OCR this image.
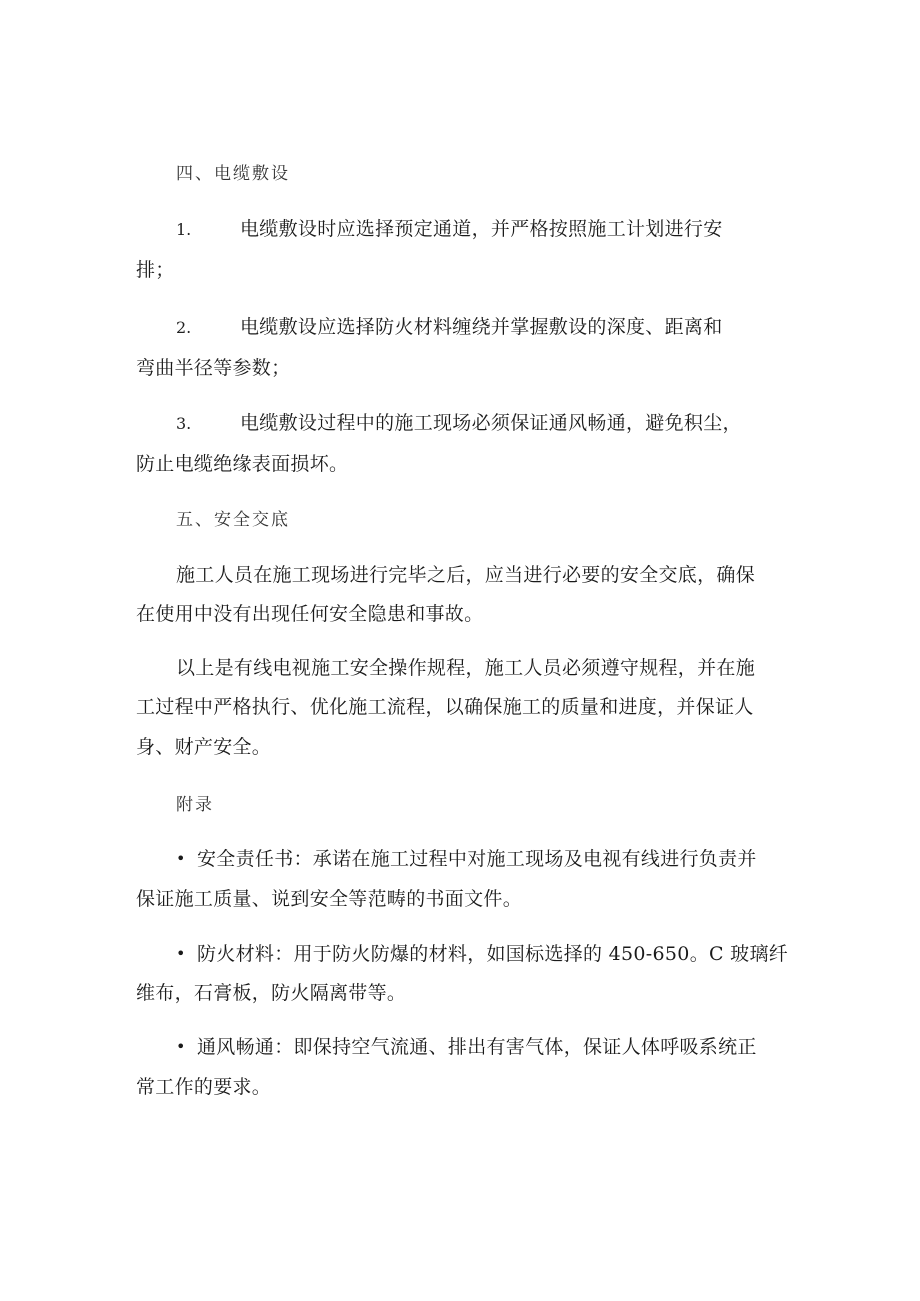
四、电缆敷设
1.	电缆敷设时应选择预定通道，并严格按照施工计划进行安
排；
2.	电缆敷设应选择防火材料缠绕并掌握敷设的深度、距离和
弯曲半径等参数；
3.	电缆敷设过程中的施工现场必须保证通风畅通，避免积尘，
防止电缆绝缘表面损坏。
五、安全交底
施工人员在施工现场进行完毕之后，应当进行必要的安全交底，确保
在使用中没有出现任何安全隐患和事故。
以上是有线电视施工安全操作规程，施工人员必须遵守规程，并在施
工过程中严格执行、优化施工流程，以确保施工的质量和进度，并保证人
身、财产安全。
附录
• 安全责任书：承诺在施工过程中对施工现场及电视有线进行负责并
保证施工质量、说到安全等范畴的书面文件。
• 防火材料：用于防火防爆的材料，如国标选择的 450-650。C 玻璃纤
维布，石膏板，防火隔离带等。
• 通风畅通：即保持空气流通、排出有害气体，保证人体呼吸系统正
常工作的要求。
